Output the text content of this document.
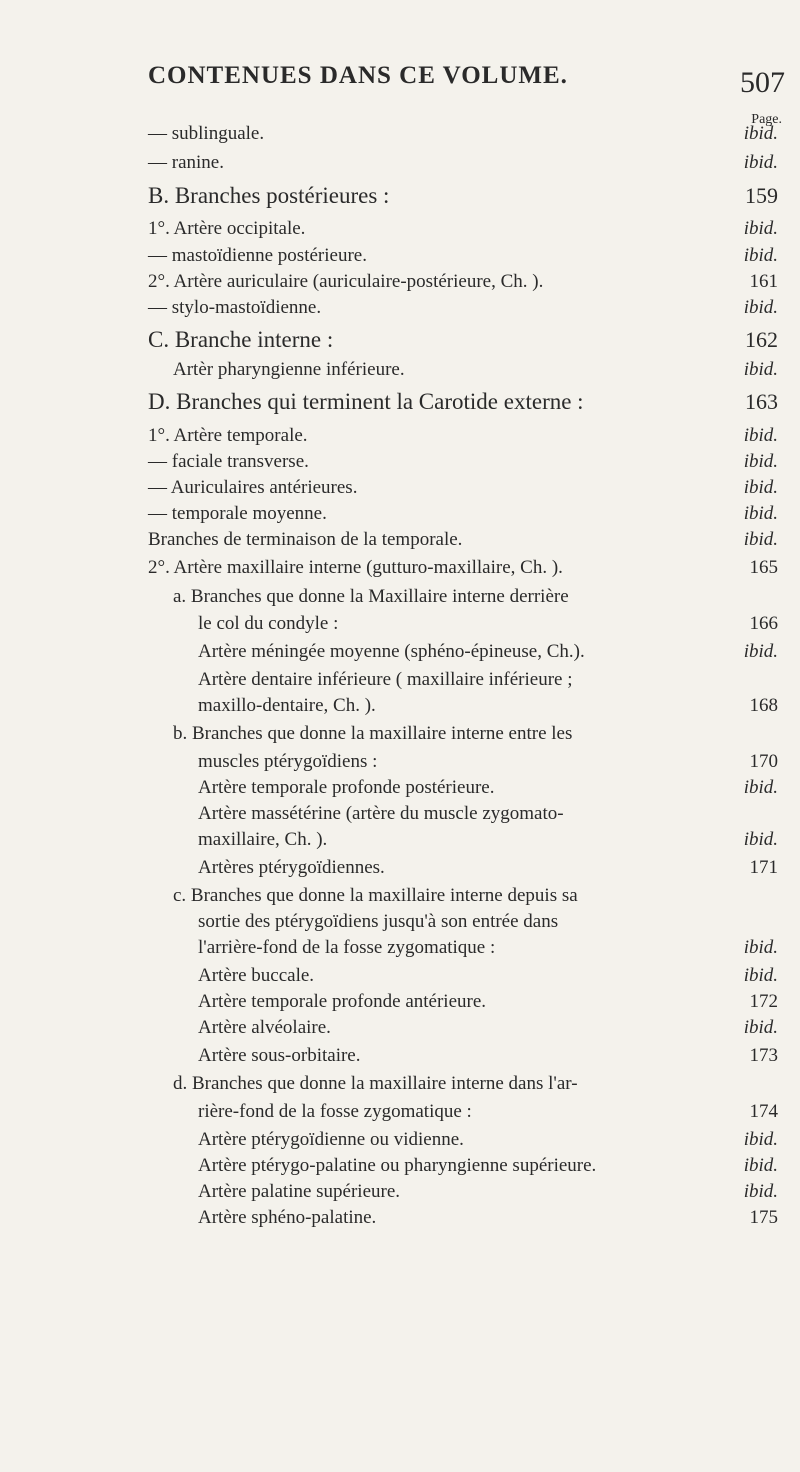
CONTENUES DANS CE VOLUME.	507
Page.
— sublinguale.	ibid.
— ranine.	ibid.
B. Branches postérieures :	159
1°. Artère occipitale.	ibid.
— mastoïdienne postérieure.	ibid.
2°. Artère auriculaire (auriculaire-postérieure, Ch. ).	161
— stylo-mastoïdienne.	ibid.
C. Branche interne :	162
Artèr pharyngienne inférieure.	ibid.
D. Branches qui terminent la Carotide externe :	163
1°. Artère temporale.	ibid.
— faciale transverse.	ibid.
— Auriculaires antérieures.	ibid.
— temporale moyenne.	ibid.
Branches de terminaison de la temporale.	ibid.
2°. Artère maxillaire interne (gutturo-maxillaire, Ch. ).	165
a. Branches que donne la Maxillaire interne derrière
le col du condyle :	166
Artère méningée moyenne (sphéno-épineuse, Ch.).	ibid.
Artère dentaire inférieure ( maxillaire inférieure ;
maxillo-dentaire, Ch. ).	168
b. Branches que donne la maxillaire interne entre les
muscles ptérygoïdiens :	170
Artère temporale profonde postérieure.	ibid.
Artère massétérine (artère du muscle zygomato-
maxillaire, Ch. ).	ibid.
Artères ptérygoïdiennes.	171
c. Branches que donne la maxillaire interne depuis sa
sortie des ptérygoïdiens jusqu'à son entrée dans
l'arrière-fond de la fosse zygomatique :	ibid.
Artère buccale.	ibid.
Artère temporale profonde antérieure.	172
Artère alvéolaire.	ibid.
Artère sous-orbitaire.	173
d. Branches que donne la maxillaire interne dans l'ar-
rière-fond de la fosse zygomatique :	174
Artère ptérygoïdienne ou vidienne.	ibid.
Artère ptérygo-palatine ou pharyngienne supérieure.	ibid.
Artère palatine supérieure.	ibid.
Artère sphéno-palatine.	175
